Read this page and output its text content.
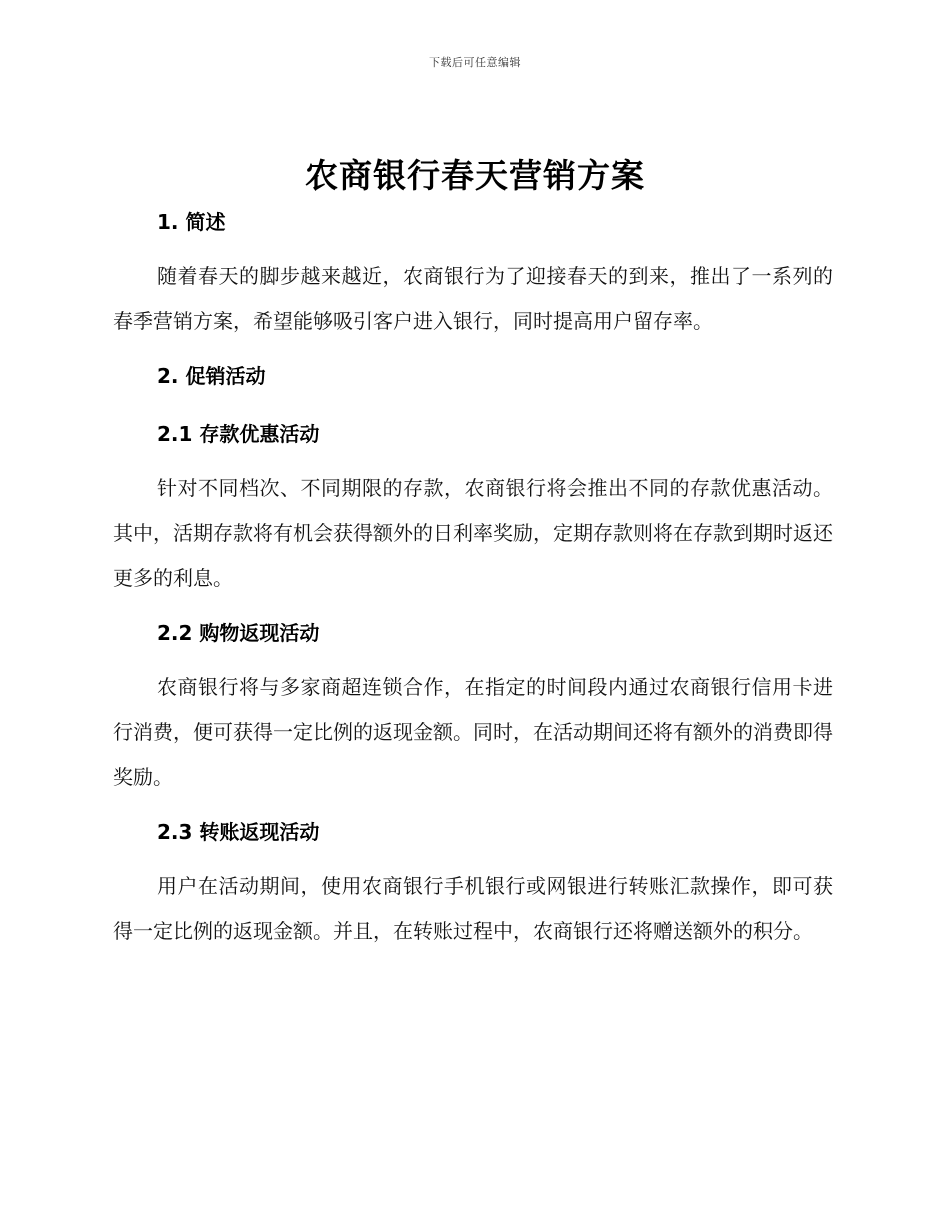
下载后可任意编辑
农商银行春天营销方案
1. 简述

随着春天的脚步越来越近，农商银行为了迎接春天的到来，推出了一系列的春季营销方案，希望能够吸引客户进入银行，同时提高用户留存率。

2. 促销活动
2.1 存款优惠活动

针对不同档次、不同期限的存款，农商银行将会推出不同的存款优惠活动。其中，活期存款将有机会获得额外的日利率奖励，定期存款则将在存款到期时返还更多的利息。

2.2 购物返现活动

农商银行将与多家商超连锁合作，在指定的时间段内通过农商银行信用卡进行消费，便可获得一定比例的返现金额。同时，在活动期间还将有额外的消费即得奖励。

2.3 转账返现活动

用户在活动期间，使用农商银行手机银行或网银进行转账汇款操作，即可获得一定比例的返现金额。并且，在转账过程中，农商银行还将赠送额外的积分。
